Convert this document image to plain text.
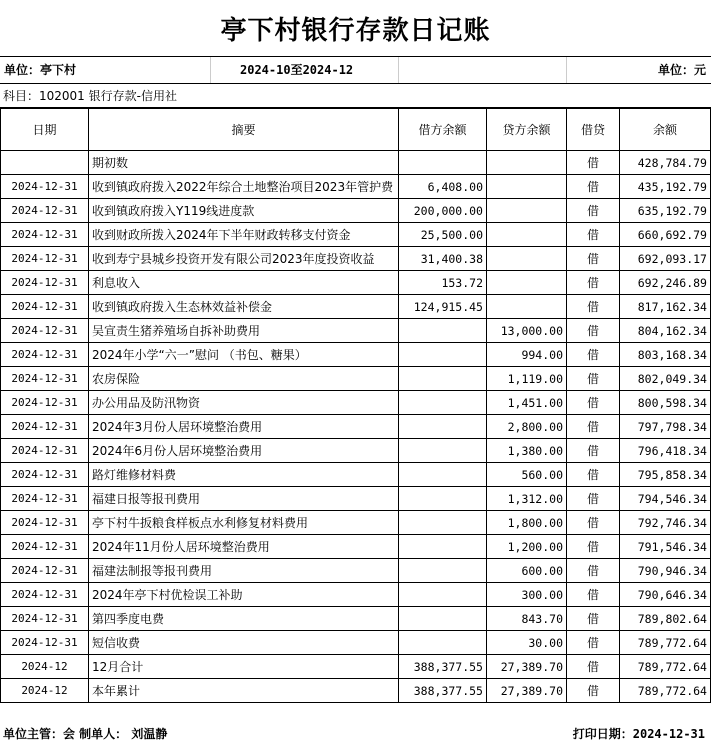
亭下村银行存款日记账
单位：亭下村	2024-10至2024-12	单位：元
科目：102001 银行存款-信用社
日期	摘要	借方余额	贷方余额	借贷	余额
	期初数			借	428,784.79
2024-12-31	收到镇政府拨入2022年综合土地整治项目2023年管护费	6,408.00		借	435,192.79
2024-12-31	收到镇政府拨入Y119线进度款	200,000.00		借	635,192.79
2024-12-31	收到财政所拨入2024年下半年财政转移支付资金	25,500.00		借	660,692.79
2024-12-31	收到寿宁县城乡投资开发有限公司2023年度投资收益	31,400.38		借	692,093.17
2024-12-31	利息收入	153.72		借	692,246.89
2024-12-31	收到镇政府拨入生态林效益补偿金	124,915.45		借	817,162.34
2024-12-31	吴宣责生猪养殖场自拆补助费用		13,000.00	借	804,162.34
2024-12-31	2024年小学“六一”慰问 （书包、糖果）		994.00	借	803,168.34
2024-12-31	农房保险		1,119.00	借	802,049.34
2024-12-31	办公用品及防汛物资		1,451.00	借	800,598.34
2024-12-31	2024年3月份人居环境整治费用		2,800.00	借	797,798.34
2024-12-31	2024年6月份人居环境整治费用		1,380.00	借	796,418.34
2024-12-31	路灯维修材料费		560.00	借	795,858.34
2024-12-31	福建日报等报刊费用		1,312.00	借	794,546.34
2024-12-31	亭下村牛扳粮食样板点水利修复材料费用		1,800.00	借	792,746.34
2024-12-31	2024年11月份人居环境整治费用		1,200.00	借	791,546.34
2024-12-31	福建法制报等报刊费用		600.00	借	790,946.34
2024-12-31	2024年亭下村优检误工补助		300.00	借	790,646.34
2024-12-31	第四季度电费		843.70	借	789,802.64
2024-12-31	短信收费		30.00	借	789,772.64
2024-12	12月合计	388,377.55	27,389.70	借	789,772.64
2024-12	本年累计	388,377.55	27,389.70	借	789,772.64
单位主管：会 制单人： 刘温静	打印日期：2024-12-31
